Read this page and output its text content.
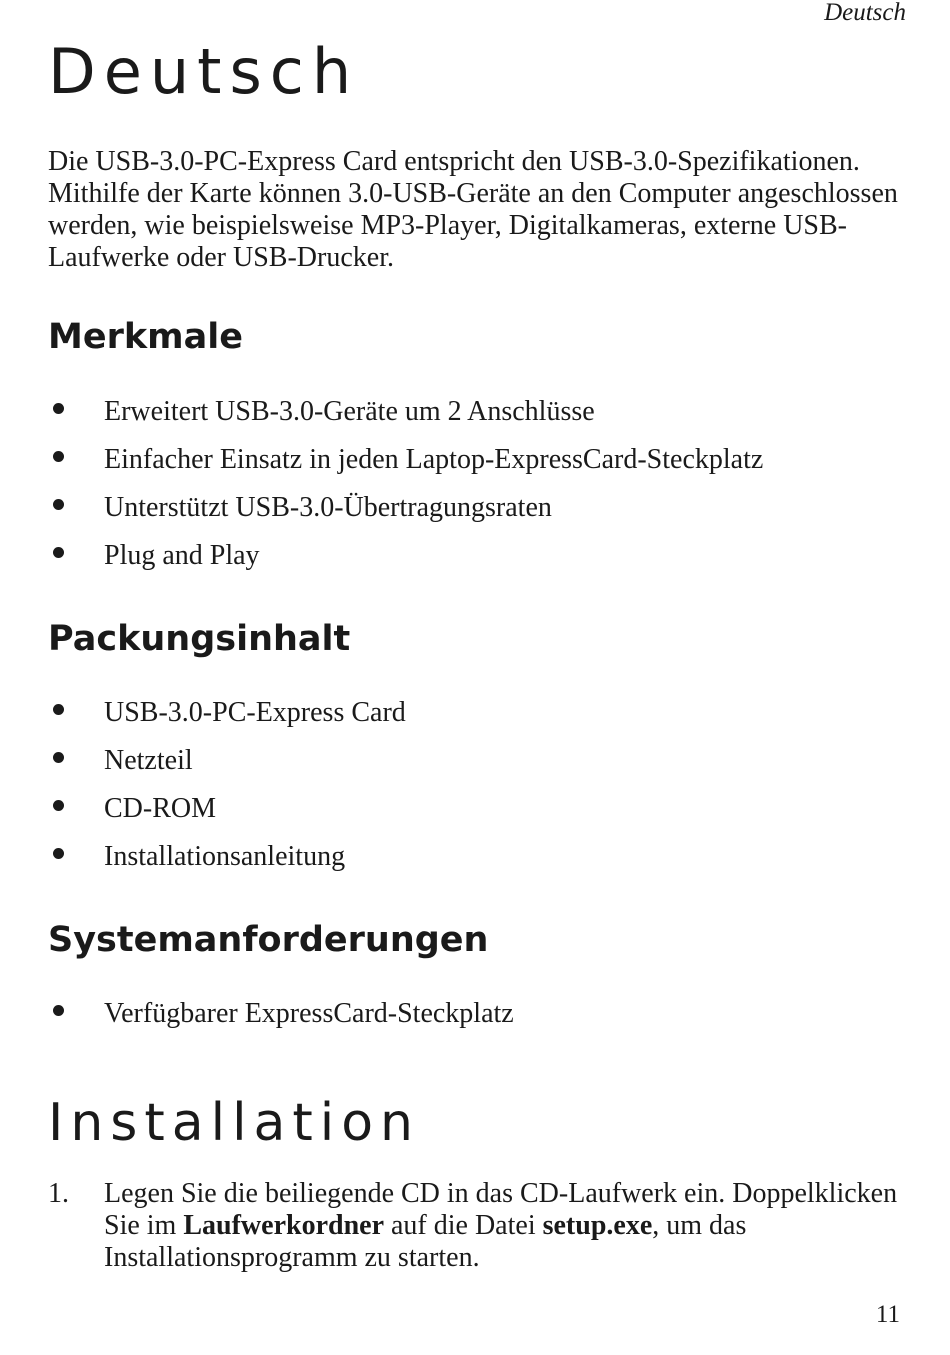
Deutsch
Deutsch

Die USB-3.0-PC-Express Card entspricht den USB-3.0-Spezifikationen. Mithilfe der Karte können 3.0-USB-Geräte an den Computer angeschlossen werden, wie beispielsweise MP3-Player, Digitalkameras, externe USB-Laufwerke oder USB-Drucker.

Merkmale
Erweitert USB-3.0-Geräte um 2 Anschlüsse
Einfacher Einsatz in jeden Laptop-ExpressCard-Steckplatz
Unterstützt USB-3.0-Übertragungsraten
Plug and Play
Packungsinhalt
USB-3.0-PC-Express Card
Netzteil
CD-ROM
Installationsanleitung
Systemanforderungen
Verfügbarer ExpressCard-Steckplatz
Installation
1. Legen Sie die beiliegende CD in das CD-Laufwerk ein. Doppelklicken Sie im Laufwerkordner auf die Datei setup.exe, um das Installationsprogramm zu starten.
11
